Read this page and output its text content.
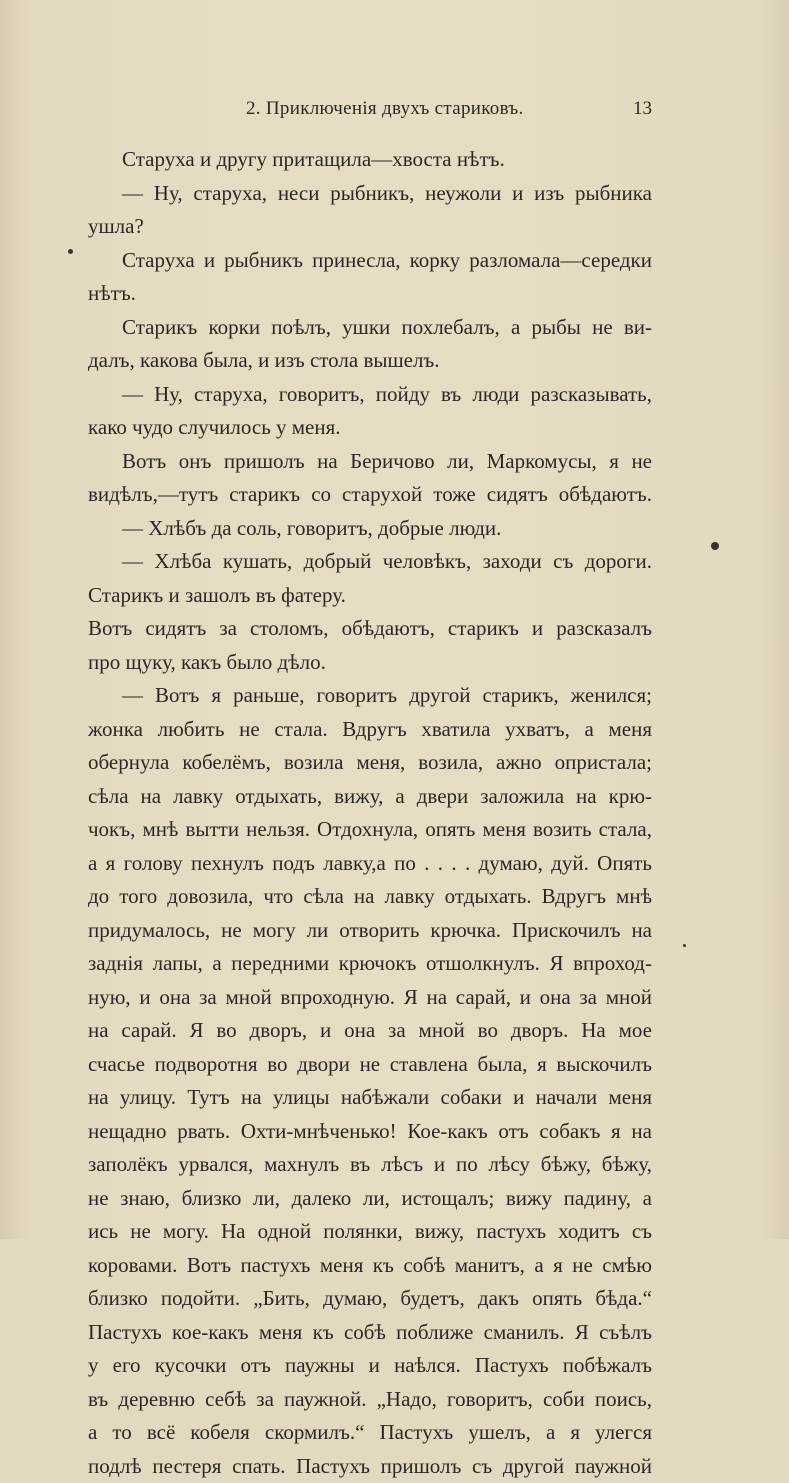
2. Приключенія двухъ стариковъ.	13
Старуха и другу притащила—хвоста нѣтъ.
— Ну, старуха, неси рыбникъ, неужоли и изъ рыбника
ушла?
Старуха и рыбникъ принесла, корку разломала—середки
нѣтъ.
Старикъ корки поѣлъ, ушки похлебалъ, а рыбы не ви-
далъ, какова была, и изъ стола вышелъ.
— Ну, старуха, говоритъ, пойду въ люди разсказывать,
како чудо случилось у меня.
Вотъ онъ пришолъ на Беричово ли, Маркомусы, я не
видѣлъ,—тутъ старикъ со старухой тоже сидятъ обѣдаютъ.
— Хлѣбъ да соль, говоритъ, добрые люди.
— Хлѣба кушать, добрый человѣкъ, заходи съ дороги.
Старикъ и зашолъ въ фатеру.
Вотъ сидятъ за столомъ, обѣдаютъ, старикъ и разсказалъ
про щуку, какъ было дѣло.
— Вотъ я раньше, говоритъ другой старикъ, женился;
жонка любить не стала. Вдругъ хватила ухватъ, а меня
обернула кобелёмъ, возила меня, возила, ажно опристала;
сѣла на лавку отдыхать, вижу, а двери заложила на крю-
чокъ, мнѣ вытти нельзя. Отдохнула, опять меня возить стала,
а я голову пехнулъ подъ лавку,а по . . . . думаю, дуй. Опять
до того довозила, что сѣла на лавку отдыхать. Вдругъ мнѣ
придумалось, не могу ли отворить крючка. Прискочилъ на
заднія лапы, а передними крючокъ отшолкнулъ. Я впроход-
ную, и она за мной впроходную. Я на сарай, и она за мной
на сарай. Я во дворъ, и она за мной во дворъ. На мое
счасье подворотня во двори не ставлена была, я выскочилъ
на улицу. Тутъ на улицы набѣжали собаки и начали меня
нещадно рвать. Охти-мнѣченько! Кое-какъ отъ собакъ я на
заполёкъ урвался, махнулъ въ лѣсъ и по лѣсу бѣжу, бѣжу,
не знаю, близко ли, далеко ли, истощалъ; вижу падину, а
ись не могу. На одной полянки, вижу, пастухъ ходитъ съ
коровами. Вотъ пастухъ меня къ собѣ манитъ, а я не смѣю
близко подойти. „Бить, думаю, будетъ, дакъ опять бѣда.“
Пастухъ кое-какъ меня къ собѣ поближе сманилъ. Я съѣлъ
у его кусочки отъ паужны и наѣлся. Пастухъ побѣжалъ
въ деревню себѣ за паужной. „Надо, говоритъ, соби поись,
а то всё кобеля скормилъ.“ Пастухъ ушелъ, а я улегся
подлѣ пестеря спать. Пастухъ пришолъ съ другой паужной
